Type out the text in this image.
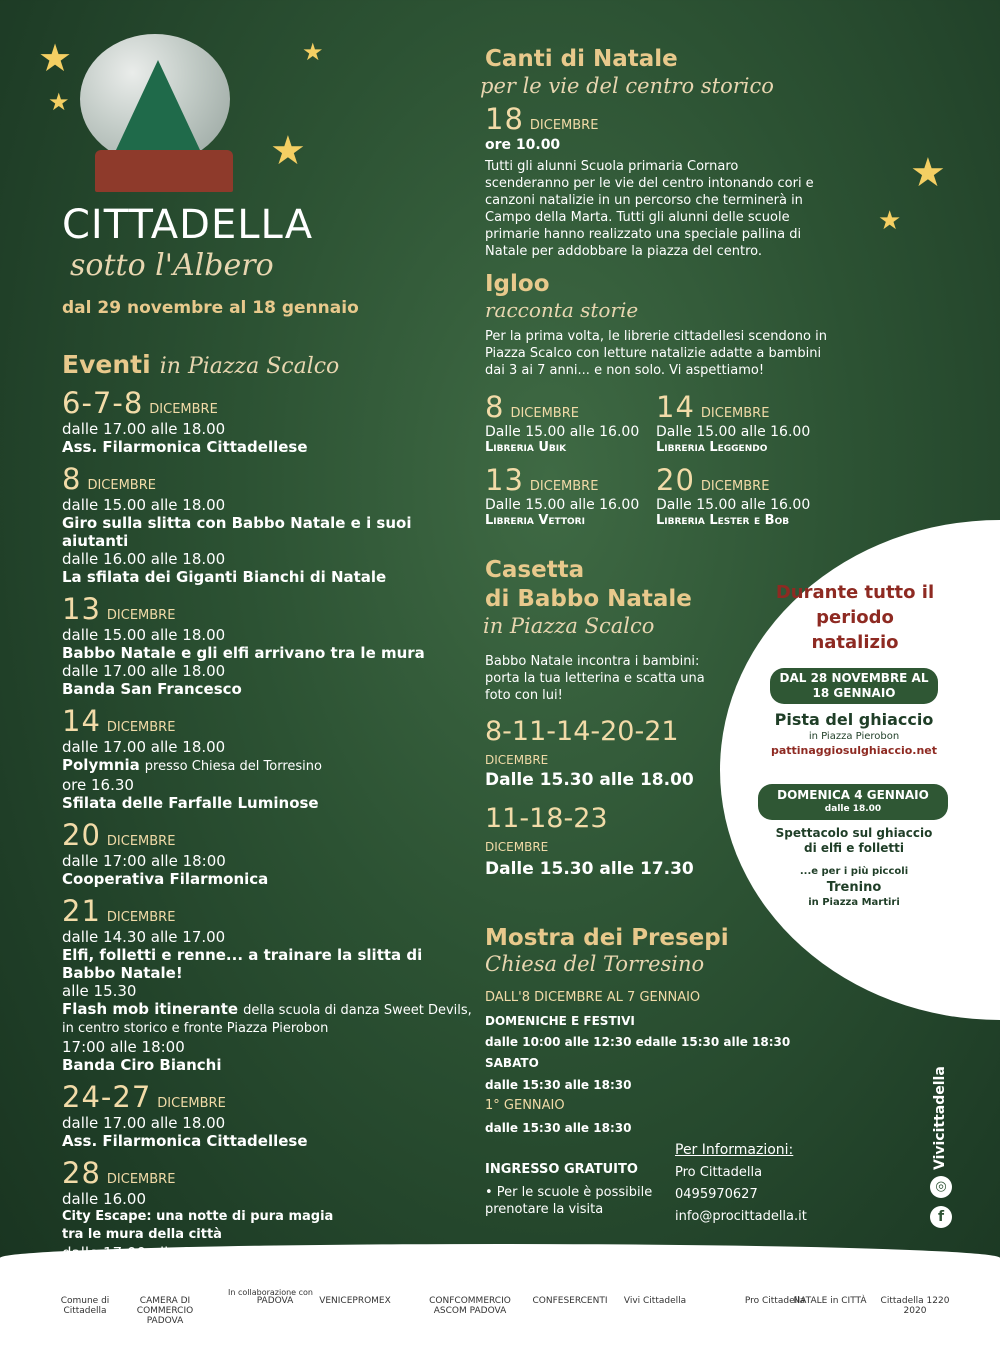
★
★
★
★	★
★
CITTADELLA
sotto l'Albero
dal 29 novembre al 18 gennaio
Eventi in Piazza Scalco
6-7-8 DICEMBRE
dalle 17.00 alle 18.00
Ass. Filarmonica Cittadellese
8 DICEMBRE
dalle 15.00 alle 18.00
Giro sulla slitta con Babbo Natale e i suoi aiutanti
dalle 16.00 alle 18.00
La sfilata dei Giganti Bianchi di Natale
13 DICEMBRE
dalle 15.00 alle 18.00
Babbo Natale e gli elfi arrivano tra le mura
dalle 17.00 alle 18.00
Banda San Francesco
14 DICEMBRE
dalle 17.00 alle 18.00
Polymnia presso Chiesa del Torresino
ore 16.30
Sfilata delle Farfalle Luminose
20 DICEMBRE
dalle 17:00 alle 18:00
Cooperativa Filarmonica
21 DICEMBRE
dalle 14.30 alle 17.00
Elfi, folletti e renne... a trainare la slitta di Babbo Natale!
alle 15.30
Flash mob itinerante della scuola di danza Sweet Devils,
in centro storico e fronte Piazza Pierobon
17:00 alle 18:00
Banda Ciro Bianchi
24-27 DICEMBRE
dalle 17.00 alle 18.00
Ass. Filarmonica Cittadellese
28 DICEMBRE
dalle 16.00
City Escape: una notte di pura magia
tra le mura della città
Canti di Natale
per le vie del centro storico
18 DICEMBRE
ore 10.00
Tutti gli alunni Scuola primaria Cornaro scenderanno per le vie del centro intonando cori e canzoni natalizie in un percorso che terminerà in Campo della Marta. Tutti gli alunni delle scuole primarie hanno realizzato una speciale pallina di Natale per addobbare la piazza del centro.
Igloo
racconta storie
Per la prima volta, le librerie cittadellesi scendono in Piazza Scalco con letture natalizie adatte a bambini dai 3 ai 7 anni... e non solo. Vi aspettiamo!
8 DICEMBRE
Dalle 15.00 alle 16.00
Libreria Ubik
14 DICEMBRE
Dalle 15.00 alle 16.00
Libreria Leggendo
13 DICEMBRE
Dalle 15.00 alle 16.00
Libreria Vettori
20 DICEMBRE
Dalle 15.00 alle 16.00
Libreria Lester e Bob
Casetta
di Babbo Natale
in Piazza Scalco
Babbo Natale incontra i bambini: porta la tua letterina e scatta una foto con lui!
8-11-14-20-21
DICEMBRE
Dalle 15.30 alle 18.00
11-18-23
DICEMBRE
Dalle 15.30 alle 17.30
Mostra dei Presepi
Chiesa del Torresino
DALL'8 DICEMBRE AL 7 GENNAIO
DOMENICHE E FESTIVI
dalle 10:00 alle 12:30 edalle 15:30 alle 18:30
SABATO
dalle 15:30 alle 18:30
1° GENNAIO
dalle 15:30 alle 18:30
INGRESSO GRATUITO
• Per le scuole è possibile prenotare la visita
Per Informazioni:
Pro Cittadella
0495970627
info@procittadella.it
Durante tutto il periodo natalizio
DAL 28 NOVEMBRE AL 18 GENNAIO
Pista del ghiaccio
in Piazza Pierobon
pattinaggiosulghiaccio.net
DOMENICA 4 GENNAIO
dalle 18.00
Spettacolo sul ghiaccio di elfi e folletti
...e per i più piccoli
Trenino
in Piazza Martiri
Vivicittadella
◎
f
In collaborazione con
Comune di Cittadella
CAMERA DI COMMERCIO PADOVA
PADOVA	VENICEPROMEX	CONFCOMMERCIO ASCOM PADOVA
CONFESERCENTI	Vivi Cittadella	Pro Cittadella
NATALE in CITTÀ	Cittadella 1220 2020
